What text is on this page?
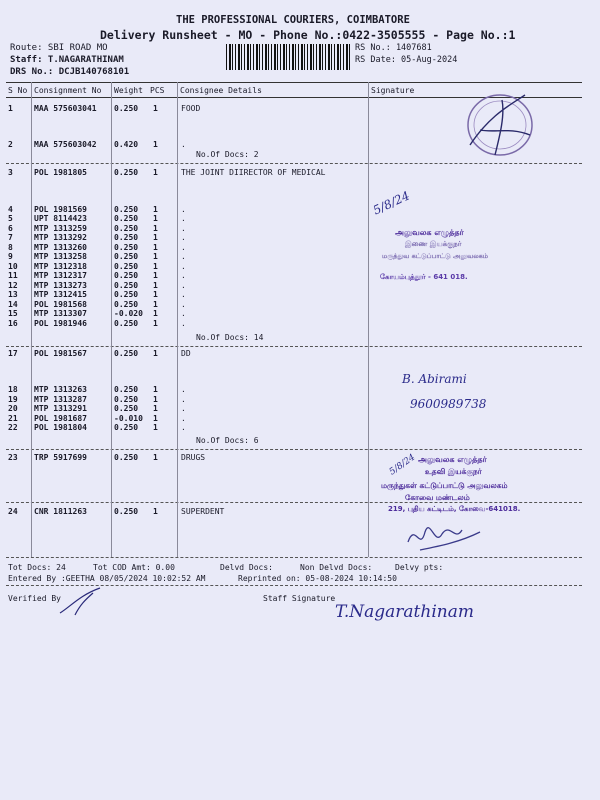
THE PROFESSIONAL COURIERS, COIMBATORE
Delivery Runsheet - MO - Phone No.:0422-3505555 - Page No.:1
Route: SBI ROAD MO
Staff: T.NAGARATHINAM
DRS No.: DCJB140768101
RS No.: 1407681
RS Date: 05-Aug-2024
S No Consignment No Weight PCS Consignee Details	Signature
1	MAA 575603041 0.250 1	FOOD
2	MAA 575603042 0.420 1	.
3	POL 1981805	0.250 1	THE JOINT DIIRECTOR OF MEDICAL
4	POL 1981569	0.250 1	.
5	UPT 8114423	0.250 1	.
6	MTP 1313259	0.250 1	.
7	MTP 1313292	0.250 1	.
8	MTP 1313260	0.250 1	.
9	MTP 1313258	0.250 1	.
10 MTP 1312318	0.250 1	.
11 MTP 1312317	0.250 1	.
12 MTP 1313273	0.250 1	.
13 MTP 1312415	0.250 1	.
14 POL 1981568	0.250 1	.
15 MTP 1313307	-0.020 1	.
16 POL 1981946	0.250 1	.
17 POL 1981567	0.250 1	DD
18 MTP 1313263	0.250 1	.
19 MTP 1313287	0.250 1	.
20 MTP 1313291	0.250 1	.
21 POL 1981687	-0.010 1	.
22 POL 1981804	0.250 1	.
23 TRP 5917699	0.250 1	DRUGS
24 CNR 1811263	0.250 1	SUPERDENT
No.Of Docs: 2
No.Of Docs: 14
No.Of Docs: 6
Tot Docs: 24	Tot COD Amt: 0.00	Delvd Docs:	Non Delvd Docs:	Delvy pts:
Entered By :GEETHA 08/05/2024 10:02:52 AM	Reprinted on: 05-08-2024 10:14:50
Verified By	Staff Signature
5/8/24
அலுவலக எழுத்தர்
இணை இயக்குநர்
மருத்துவ கட்டுப்பாட்டு அலுவலகம்
கோயம்புத்தூர் - 641 018.
B. Abirami
9600989738
5/8/24 அலுவலக எழுத்தர்
உதவி இயக்குநர்
மருந்துகள் கட்டுப்பாட்டு அலுவலகம்
கோவை மண்டலம்
219, புதிய கட்டிடம், கோவை-641018.
T.Nagarathinam
